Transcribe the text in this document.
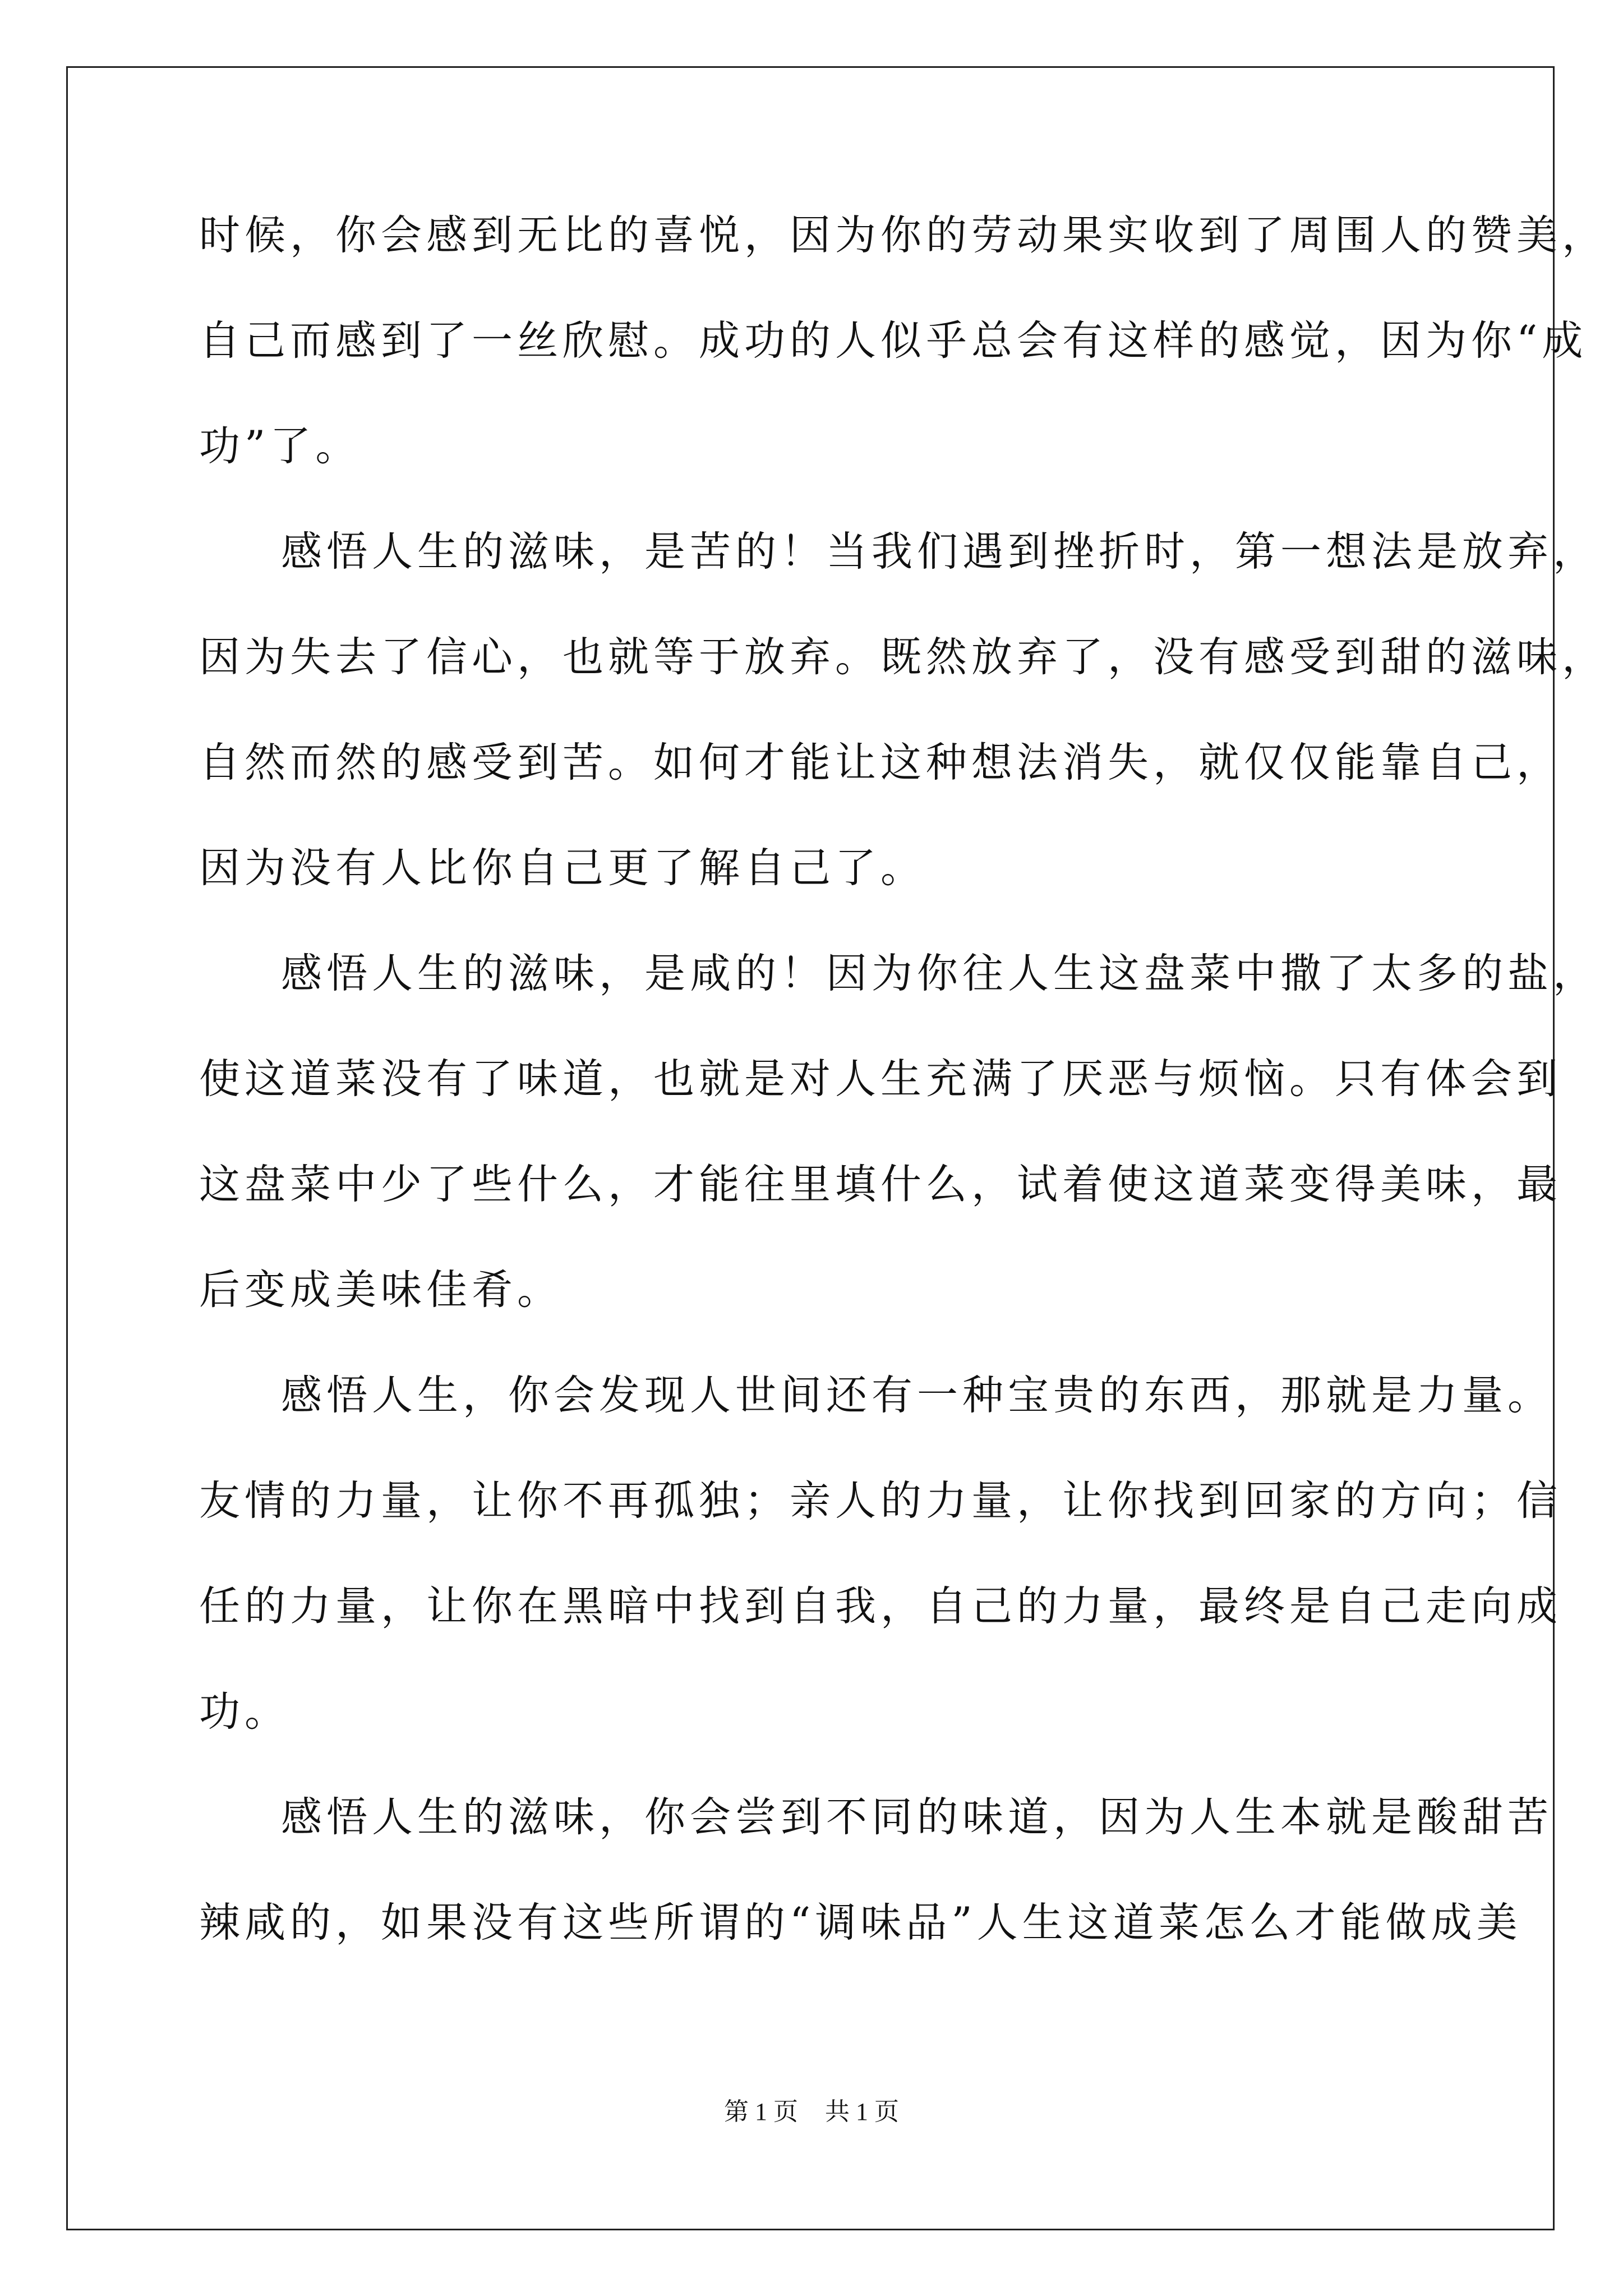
时候，你会感到无比的喜悦，因为你的劳动果实收到了周围人的赞美，
自己而感到了一丝欣慰。成功的人似乎总会有这样的感觉，因为你“成
功”了。
感悟人生的滋味，是苦的！当我们遇到挫折时，第一想法是放弃，
因为失去了信心，也就等于放弃。既然放弃了，没有感受到甜的滋味，
自然而然的感受到苦。如何才能让这种想法消失，就仅仅能靠自己，
因为没有人比你自己更了解自己了。
感悟人生的滋味，是咸的！因为你往人生这盘菜中撒了太多的盐，
使这道菜没有了味道，也就是对人生充满了厌恶与烦恼。只有体会到
这盘菜中少了些什么，才能往里填什么，试着使这道菜变得美味，最
后变成美味佳肴。
感悟人生，你会发现人世间还有一种宝贵的东西，那就是力量。
友情的力量，让你不再孤独；亲人的力量，让你找到回家的方向；信
任的力量，让你在黑暗中找到自我，自己的力量，最终是自己走向成
功。
感悟人生的滋味，你会尝到不同的味道，因为人生本就是酸甜苦
辣咸的，如果没有这些所谓的“调味品”人生这道菜怎么才能做成美
第 1 页 共 1 页
